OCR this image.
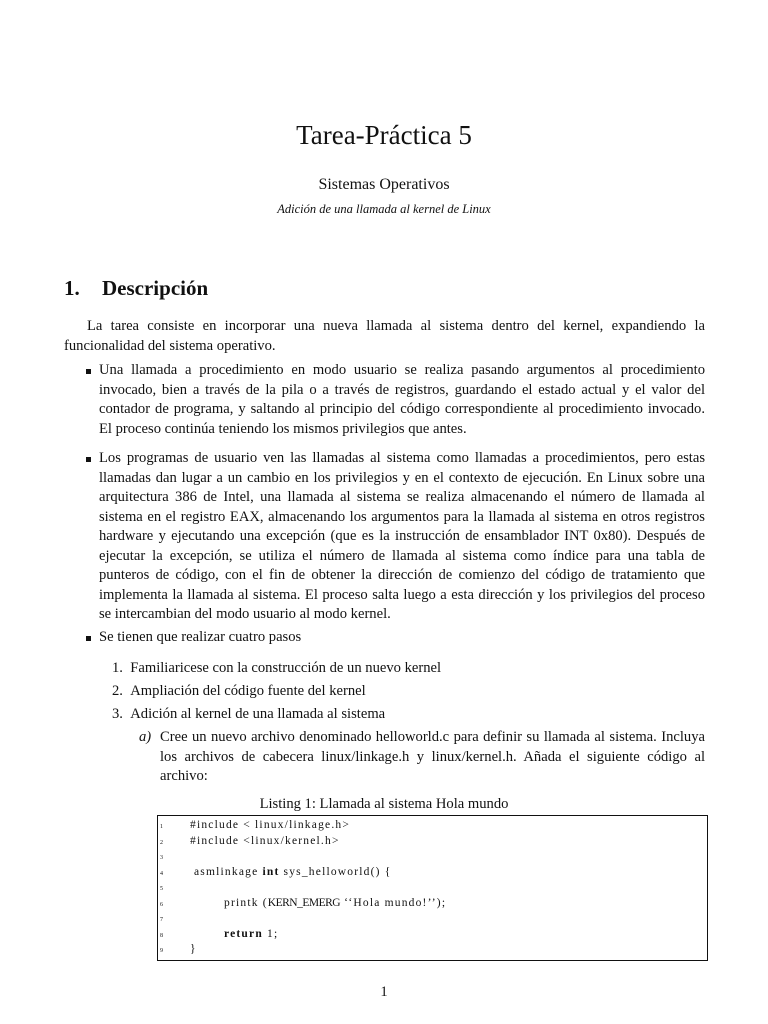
Tarea-Práctica 5
Sistemas Operativos
Adición de una llamada al kernel de Linux
1. Descripción
La tarea consiste en incorporar una nueva llamada al sistema dentro del kernel, expandiendo la funcionalidad del sistema operativo.
Una llamada a procedimiento en modo usuario se realiza pasando argumentos al procedimiento invocado, bien a través de la pila o a través de registros, guardando el estado actual y el valor del contador de programa, y saltando al principio del código correspondiente al procedimiento invocado. El proceso continúa teniendo los mismos privilegios que antes.
Los programas de usuario ven las llamadas al sistema como llamadas a procedimientos, pero estas llamadas dan lugar a un cambio en los privilegios y en el contexto de ejecución. En Linux sobre una arquitectura 386 de Intel, una llamada al sistema se realiza almacenando el número de llamada al sistema en el registro EAX, almacenando los argumentos para la llamada al sistema en otros registros hardware y ejecutando una excepción (que es la instrucción de ensamblador INT 0x80). Después de ejecutar la excepción, se utiliza el número de llamada al sistema como índice para una tabla de punteros de código, con el fin de obtener la dirección de comienzo del código de tratamiento que implementa la llamada al sistema. El proceso salta luego a esta dirección y los privilegios del proceso se intercambian del modo usuario al modo kernel.
Se tienen que realizar cuatro pasos
1. Familiaricese con la construcción de un nuevo kernel
2. Ampliación del código fuente del kernel
3. Adición al kernel de una llamada al sistema
a) Cree un nuevo archivo denominado helloworld.c para definir su llamada al sistema. Incluya los archivos de cabecera linux/linkage.h y linux/kernel.h. Añada el siguiente código al archivo:
Listing 1: Llamada al sistema Hola mundo
1
2
3
4
5
6
7
8
9
#include < linux/linkage.h>
#include <linux/kernel.h>
asmlinkage int sys_helloworld() {
printk (KERN_EMERG ‘‘Hola mundo!’’);
return 1;
}
1
